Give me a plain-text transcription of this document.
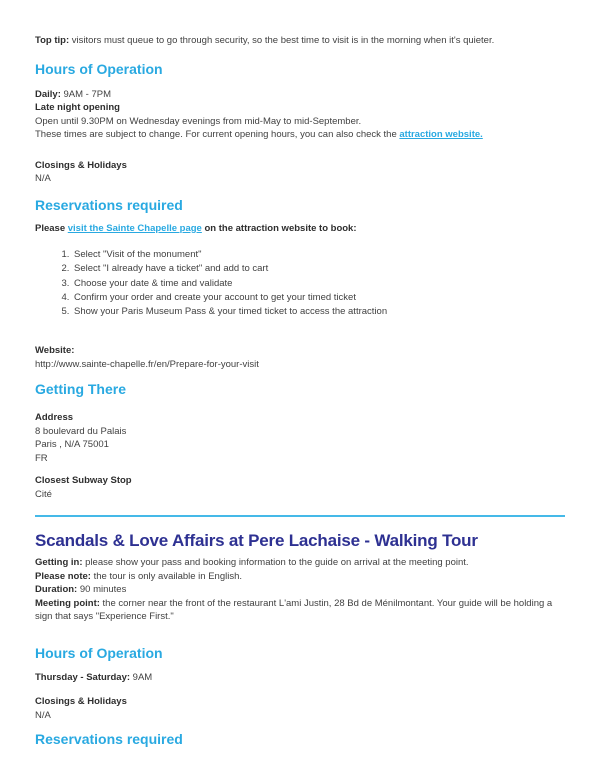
Top tip: visitors must queue to go through security, so the best time to visit is in the morning when it's quieter.

Hours of Operation

Daily: 9AM - 7PM

Late night opening

Open until 9.30PM on Wednesday evenings from mid-May to mid-September.

These times are subject to change. For current opening hours, you can also check the attraction website.

Closings & Holidays

N/A

Reservations required

Please visit the Sainte Chapelle page on the attraction website to book:

1. Select "Visit of the monument"
2. Select "I already have a ticket" and add to cart
3. Choose your date & time and validate
4. Confirm your order and create your account to get your timed ticket
5. Show your Paris Museum Pass & your timed ticket to access the attraction

Website:

http://www.sainte-chapelle.fr/en/Prepare-for-your-visit

Getting There

Address

8 boulevard du Palais

Paris , N/A 75001

FR

Closest Subway Stop

Cité

Scandals & Love Affairs at Pere Lachaise - Walking Tour

Getting in: please show your pass and booking information to the guide on arrival at the meeting point.

Please note: the tour is only available in English.

Duration: 90 minutes

Meeting point: the corner near the front of the restaurant L'ami Justin, 28 Bd de Ménilmontant. Your guide will be holding a sign that says "Experience First."

Hours of Operation

Thursday - Saturday: 9AM

Closings & Holidays

N/A

Reservations required
